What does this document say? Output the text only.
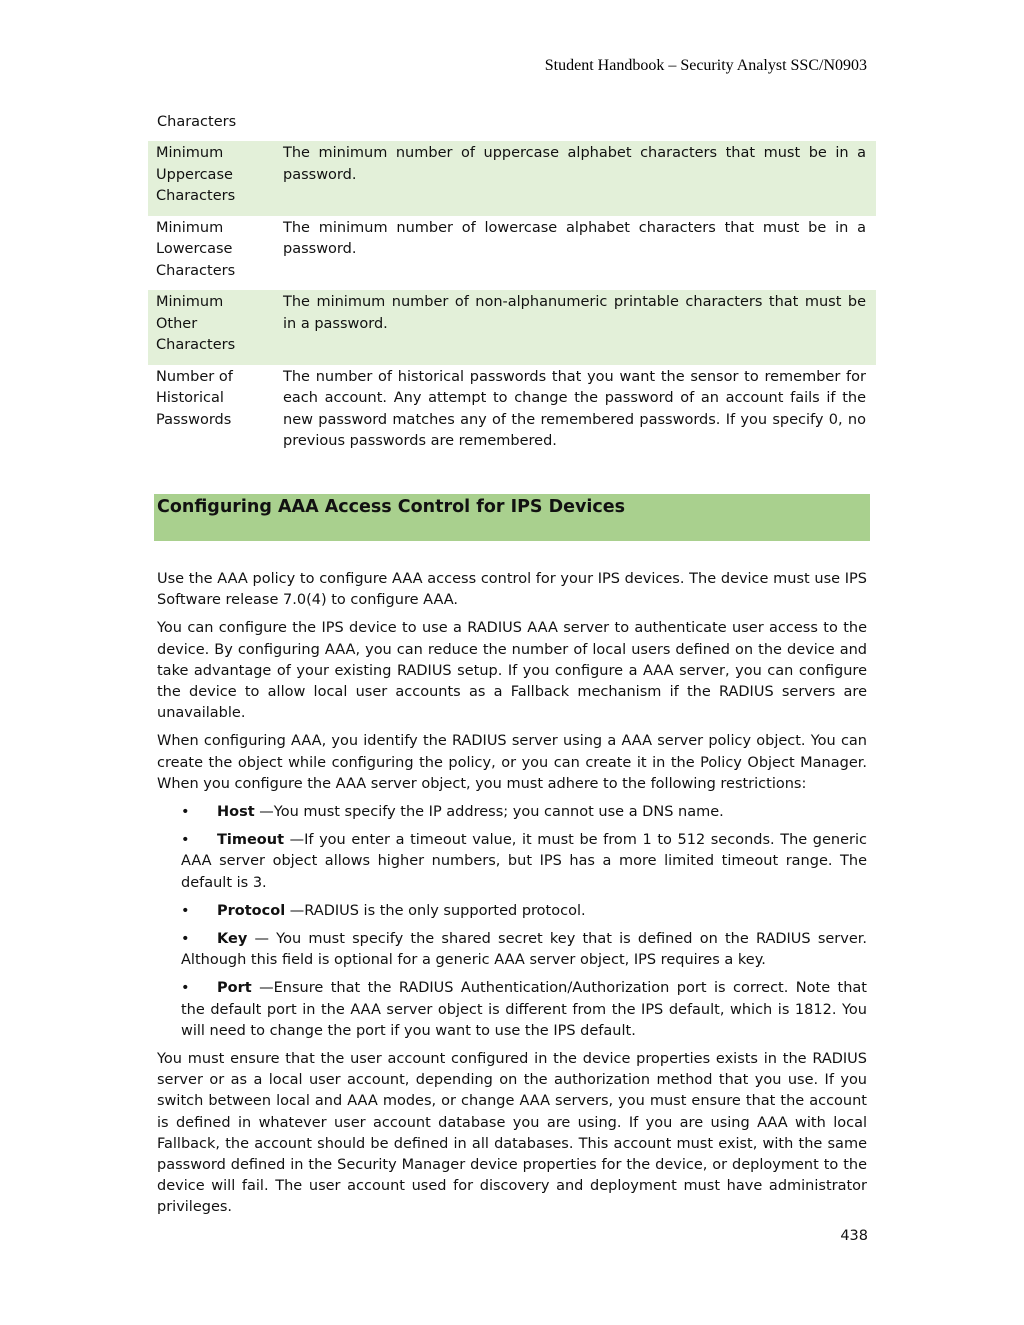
Student Handbook – Security Analyst SSC/N0903
Characters
Minimum Uppercase Characters	The minimum number of uppercase alphabet characters that must be in a password.
Minimum Lowercase Characters	The minimum number of lowercase alphabet characters that must be in a password.
Minimum Other Characters	The minimum number of non-alphanumeric printable characters that must be in a password.
Number of Historical Passwords	The number of historical passwords that you want the sensor to remember for each account. Any attempt to change the password of an account fails if the new password matches any of the remembered passwords. If you specify 0, no previous passwords are remembered.
Configuring AAA Access Control for IPS Devices

Use the AAA policy to configure AAA access control for your IPS devices. The device must use IPS Software release 7.0(4) to configure AAA.

You can configure the IPS device to use a RADIUS AAA server to authenticate user access to the device. By configuring AAA, you can reduce the number of local users defined on the device and take advantage of your existing RADIUS setup. If you configure a AAA server, you can configure the device to allow local user accounts as a Fallback mechanism if the RADIUS servers are unavailable.

When configuring AAA, you identify the RADIUS server using a AAA server policy object. You can create the object while configuring the policy, or you can create it in the Policy Object Manager. When you configure the AAA server object, you must adhere to the following restrictions:

• Host —You must specify the IP address; you cannot use a DNS name.
• Timeout —If you enter a timeout value, it must be from 1 to 512 seconds. The generic AAA server object allows higher numbers, but IPS has a more limited timeout range. The default is 3.
• Protocol —RADIUS is the only supported protocol.
• Key — You must specify the shared secret key that is defined on the RADIUS server. Although this field is optional for a generic AAA server object, IPS requires a key.
• Port —Ensure that the RADIUS Authentication/Authorization port is correct. Note that the default port in the AAA server object is different from the IPS default, which is 1812. You will need to change the port if you want to use the IPS default.

You must ensure that the user account configured in the device properties exists in the RADIUS server or as a local user account, depending on the authorization method that you use. If you switch between local and AAA modes, or change AAA servers, you must ensure that the account is defined in whatever user account database you are using. If you are using AAA with local Fallback, the account should be defined in all databases. This account must exist, with the same password defined in the Security Manager device properties for the device, or deployment to the device will fail. The user account used for discovery and deployment must have administrator privileges.

438
